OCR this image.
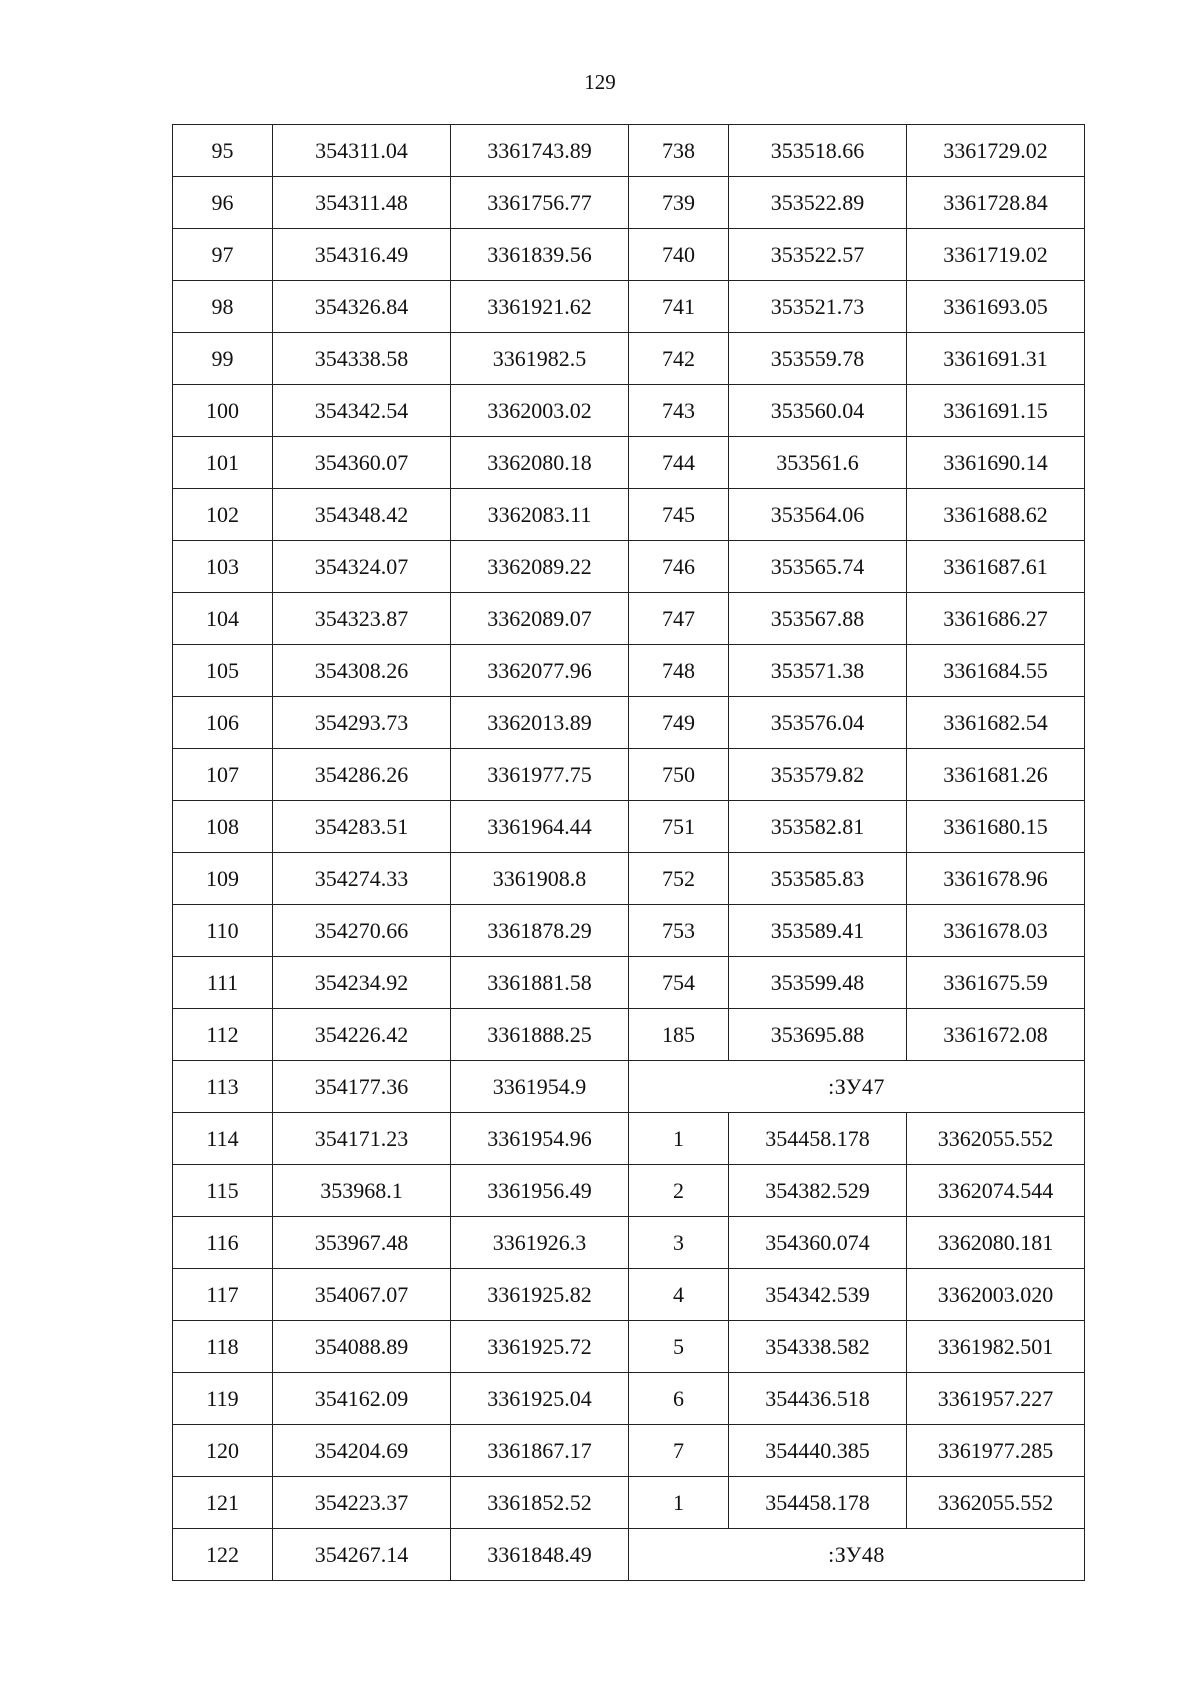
129
95	354311.04	3361743.89	738	353518.66	3361729.02
96	354311.48	3361756.77	739	353522.89	3361728.84
97	354316.49	3361839.56	740	353522.57	3361719.02
98	354326.84	3361921.62	741	353521.73	3361693.05
99	354338.58	3361982.5	742	353559.78	3361691.31
100	354342.54	3362003.02	743	353560.04	3361691.15
101	354360.07	3362080.18	744	353561.6	3361690.14
102	354348.42	3362083.11	745	353564.06	3361688.62
103	354324.07	3362089.22	746	353565.74	3361687.61
104	354323.87	3362089.07	747	353567.88	3361686.27
105	354308.26	3362077.96	748	353571.38	3361684.55
106	354293.73	3362013.89	749	353576.04	3361682.54
107	354286.26	3361977.75	750	353579.82	3361681.26
108	354283.51	3361964.44	751	353582.81	3361680.15
109	354274.33	3361908.8	752	353585.83	3361678.96
110	354270.66	3361878.29	753	353589.41	3361678.03
111	354234.92	3361881.58	754	353599.48	3361675.59
112	354226.42	3361888.25	185	353695.88	3361672.08
113	354177.36	3361954.9	:ЗУ47		
114	354171.23	3361954.96	1	354458.178	3362055.552
115	353968.1	3361956.49	2	354382.529	3362074.544
116	353967.48	3361926.3	3	354360.074	3362080.181
117	354067.07	3361925.82	4	354342.539	3362003.020
118	354088.89	3361925.72	5	354338.582	3361982.501
119	354162.09	3361925.04	6	354436.518	3361957.227
120	354204.69	3361867.17	7	354440.385	3361977.285
121	354223.37	3361852.52	1	354458.178	3362055.552
122	354267.14	3361848.49	:ЗУ48		
